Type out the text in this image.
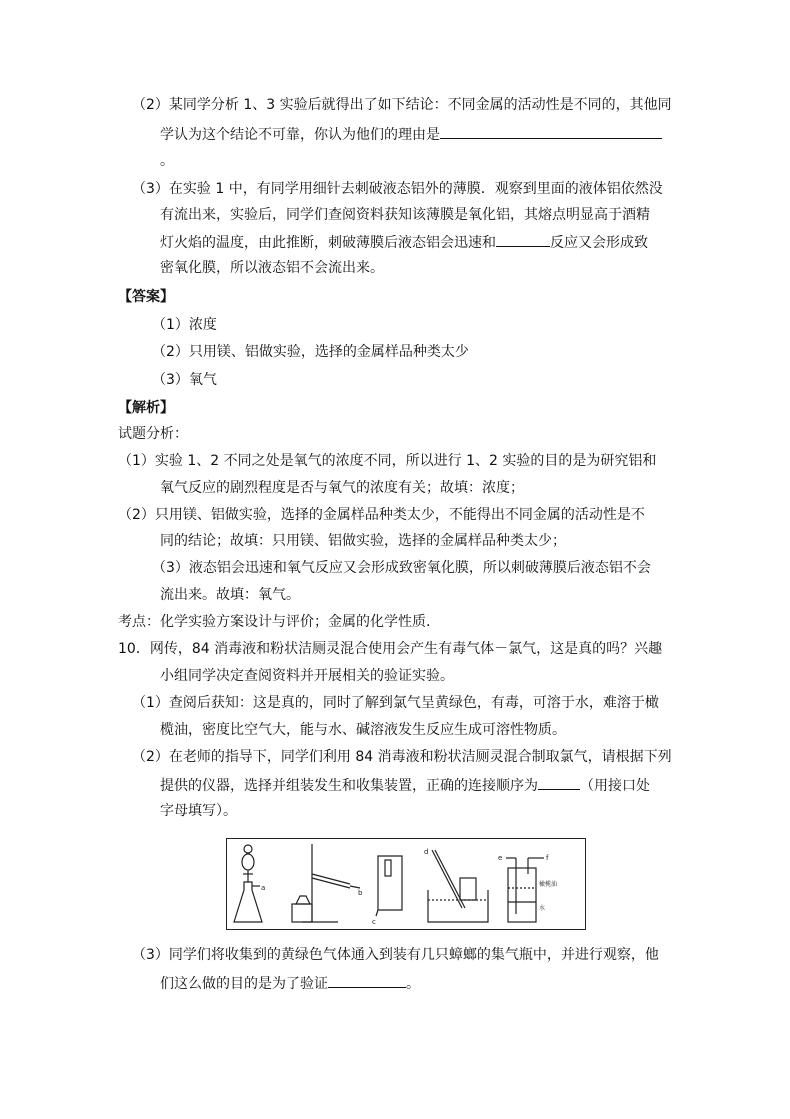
（2）某同学分析 1、3 实验后就得出了如下结论：不同金属的活动性是不同的，其他同
学认为这个结论不可靠，你认为他们的理由是
。
（3）在实验 1 中，有同学用细针去刺破液态铝外的薄膜．观察到里面的液体铝依然没
有流出来，实验后，同学们查阅资料获知该薄膜是氧化铝，其熔点明显高于酒精
灯火焰的温度，由此推断，刺破薄膜后液态铝会迅速和	反应又会形成致
密氧化膜，所以液态铝不会流出来。
【答案】
（1）浓度
（2）只用镁、铝做实验，选择的金属样品种类太少
（3）氧气
【解析】
试题分析：
（1）实验 1、2 不同之处是氧气的浓度不同，所以进行 1、2 实验的目的是为研究铝和
氧气反应的剧烈程度是否与氧气的浓度有关；故填：浓度；
（2）只用镁、铝做实验，选择的金属样品种类太少，不能得出不同金属的活动性是不
同的结论；故填：只用镁、铝做实验，选择的金属样品种类太少；
（3）液态铝会迅速和氧气反应又会形成致密氧化膜，所以刺破薄膜后液态铝不会
流出来。故填：氧气。
考点：化学实验方案设计与评价；金属的化学性质.
10．网传，84 消毒液和粉状洁厕灵混合使用会产生有毒气体－氯气，这是真的吗？兴趣
小组同学决定查阅资料并开展相关的验证实验。
（1）查阅后获知：这是真的，同时了解到氯气呈黄绿色，有毒，可溶于水，难溶于橄
榄油，密度比空气大，能与水、碱溶液发生反应生成可溶性物质。
（2）在老师的指导下，同学们利用 84 消毒液和粉状洁厕灵混合制取氯气，请根据下列
提供的仪器，选择并组装发生和收集装置，正确的连接顺序为	（用接口处
字母填写）。
a
b
c
d
e	f
橄榄油
水
（3）同学们将收集到的黄绿色气体通入到装有几只蟑螂的集气瓶中，并进行观察，他
们这么做的目的是为了验证	。
